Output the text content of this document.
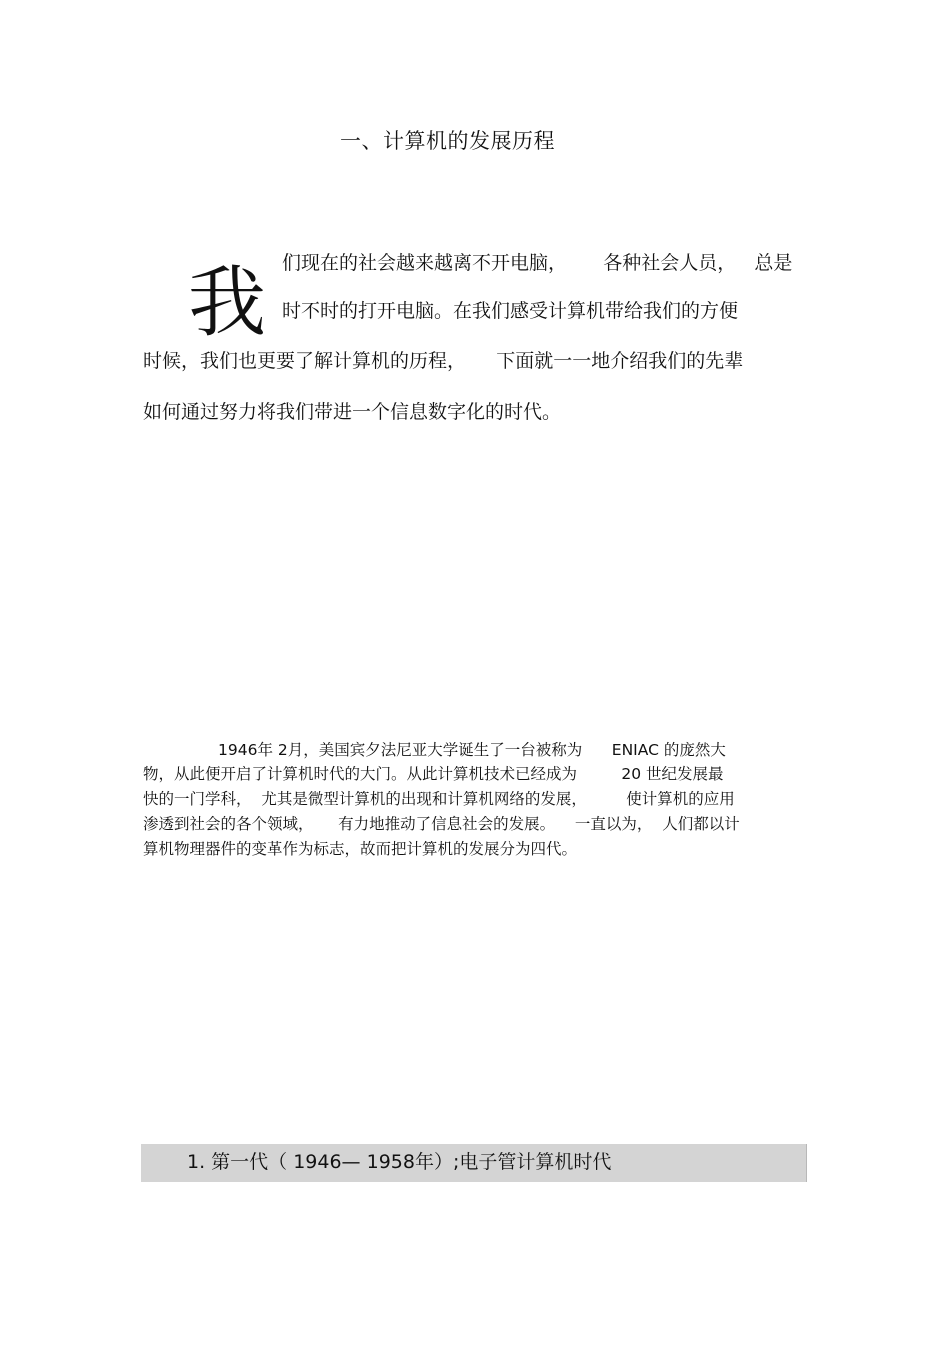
一、计算机的发展历程
我 们现在的社会越来越离不开电脑，      各种社会人员，   总是
时不时的打开电脑。在我们感受计算机带给我们的方便
时候，我们也更要了解计算机的历程，     下面就一一地介绍我们的先辈
如何通过努力将我们带进一个信息数字化的时代。
1946年 2月，美国宾夕法尼亚大学诞生了一台被称为      ENIAC 的庞然大
物，从此便开启了计算机时代的大门。从此计算机技术已经成为         20 世纪发展最
快的一门学科，  尤其是微型计算机的出现和计算机网络的发展，        使计算机的应用
渗透到社会的各个领域，     有力地推动了信息社会的发展。    一直以为，  人们都以计
算机物理器件的变革作为标志，故而把计算机的发展分为四代。
1. 第一代（ 1946— 1958年）;电子管计算机时代
